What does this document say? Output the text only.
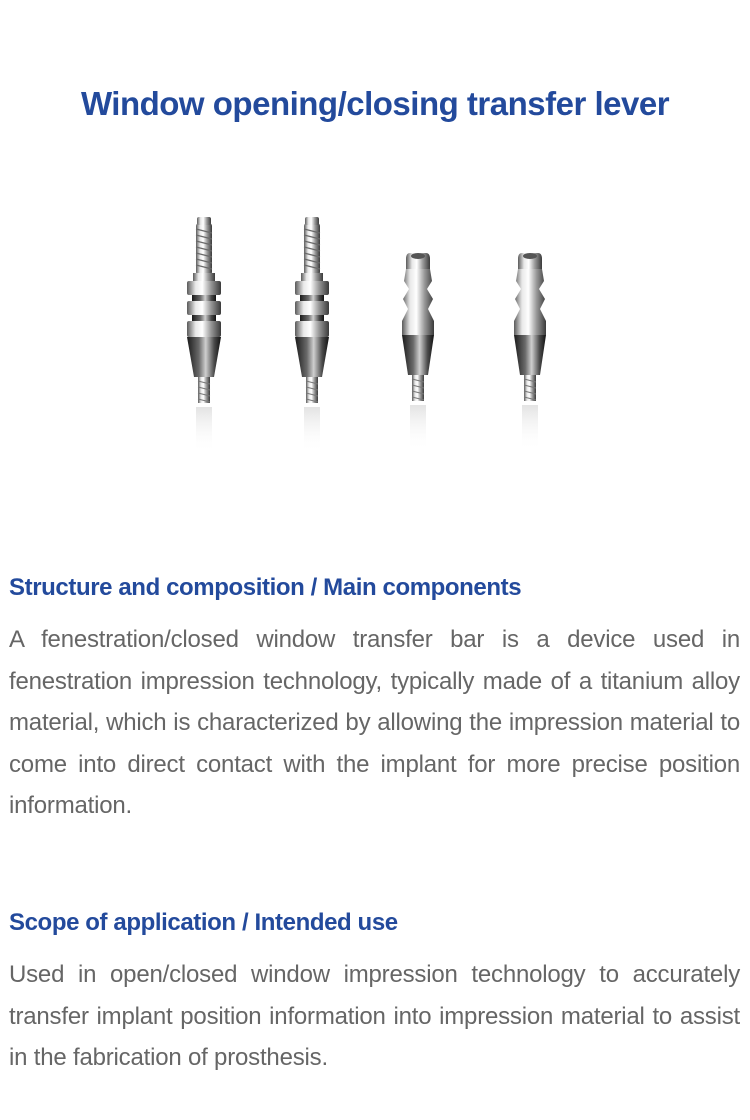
Window opening/closing transfer lever
Structure and composition / Main components
A fenestration/closed window transfer bar is a device used in fenestration impression technology, typically made of a titanium alloy material, which is characterized by allowing the impression material to come into direct contact with the implant for more precise position information.
Scope of application / Intended use
Used in open/closed window impression technology to accurately transfer implant position information into impression material to assist in the fabrication of prosthesis.
